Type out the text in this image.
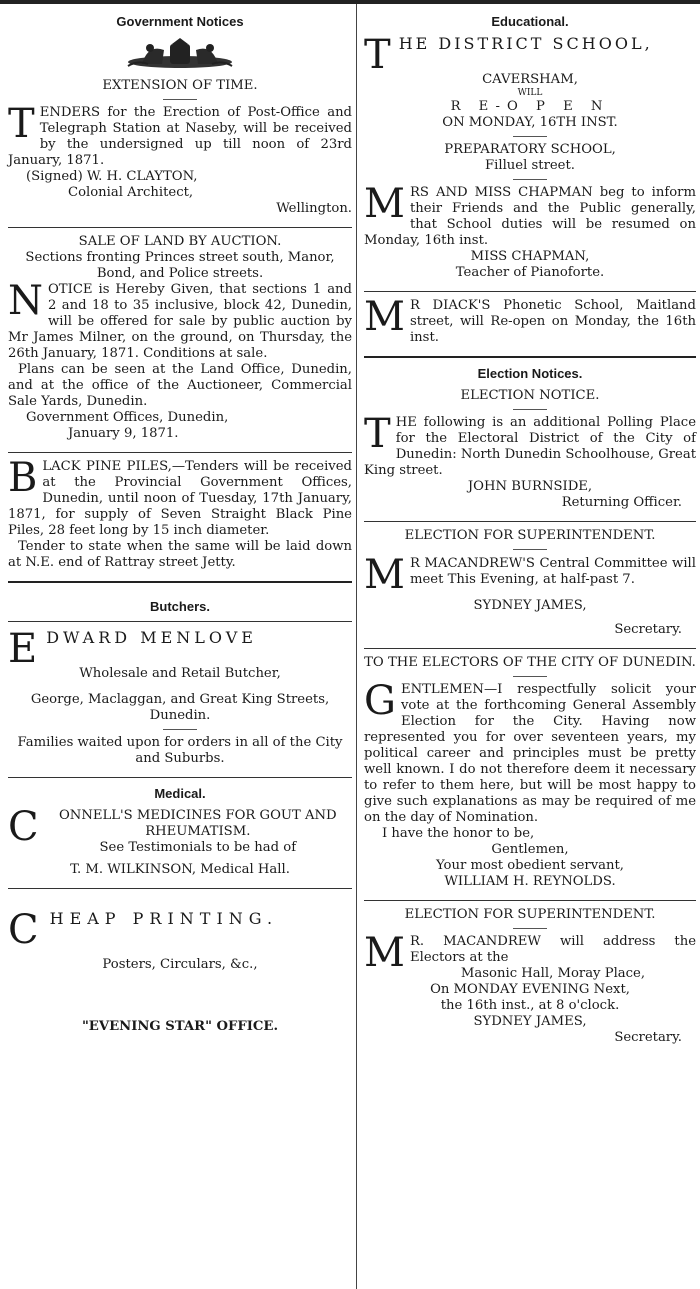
Government Notices

EXTENSION OF TIME.

TENDERS for the Erection of Post-Office and Telegraph Station at Naseby, will be received by the undersigned up till noon of 23rd January, 1871.

(Signed) W. H. CLAYTON,

Colonial Architect,

Wellington.

SALE OF LAND BY AUCTION.

Sections fronting Princes street south, Manor, Bond, and Police streets.

NOTICE is Hereby Given, that sections 1 and 2 and 18 to 35 inclusive, block 42, Dunedin, will be offered for sale by public auction by Mr James Milner, on the ground, on Thursday, the 26th January, 1871. Conditions at sale.

Plans can be seen at the Land Office, Dunedin, and at the office of the Auctioneer, Commercial Sale Yards, Dunedin.

Government Offices, Dunedin,

January 9, 1871.

BLACK PINE PILES,—Tenders will be received at the Provincial Government Offices, Dunedin, until noon of Tuesday, 17th January, 1871, for supply of Seven Straight Black Pine Piles, 28 feet long by 15 inch diameter.

Tender to state when the same will be laid down at N.E. end of Rattray street Jetty.

Butchers.

EDWARD MENLOVE

Wholesale and Retail Butcher,

George, Maclaggan, and Great King Streets, Dunedin.

Families waited upon for orders in all of the City and Suburbs.

Medical.

C ONNELL'S MEDICINES FOR GOUT AND RHEUMATISM.

See Testimonials to be had of

T. M. WILKINSON, Medical Hall.

CHEAP PRINTING.

Posters, Circulars, &c.,

"EVENING STAR" OFFICE.

Educational.

THE DISTRICT SCHOOL,

CAVERSHAM,

WILL

R E-O P E N

ON MONDAY, 16TH INST.

PREPARATORY SCHOOL,

Filluel street.

MRS AND MISS CHAPMAN beg to inform their Friends and the Public generally, that School duties will be resumed on Monday, 16th inst.

MISS CHAPMAN,

Teacher of Pianoforte.

M R DIACK'S Phonetic School, Maitland street, will Re-open on Monday, the 16th inst.

Election Notices.

ELECTION NOTICE.

THE following is an additional Polling Place for the Electoral District of the City of Dunedin: North Dunedin Schoolhouse, Great King street.

JOHN BURNSIDE,

Returning Officer.

ELECTION FOR SUPERINTENDENT.

M R MACANDREW'S Central Committee will meet This Evening, at half-past 7.

SYDNEY JAMES,

Secretary.

TO THE ELECTORS OF THE CITY OF DUNEDIN.

GENTLEMEN—I respectfully solicit your vote at the forthcoming General Assembly Election for the City. Having now represented you for over seventeen years, my political career and principles must be pretty well known. I do not therefore deem it necessary to refer to them here, but will be most happy to give such explanations as may be required of me on the day of Nomination.

I have the honor to be,

Gentlemen,

Your most obedient servant,

WILLIAM H. REYNOLDS.

ELECTION FOR SUPERINTENDENT.

M R. MACANDREW will address the Electors at the

Masonic Hall, Moray Place,

On MONDAY EVENING Next,

the 16th inst., at 8 o'clock.

SYDNEY JAMES,

Secretary.
